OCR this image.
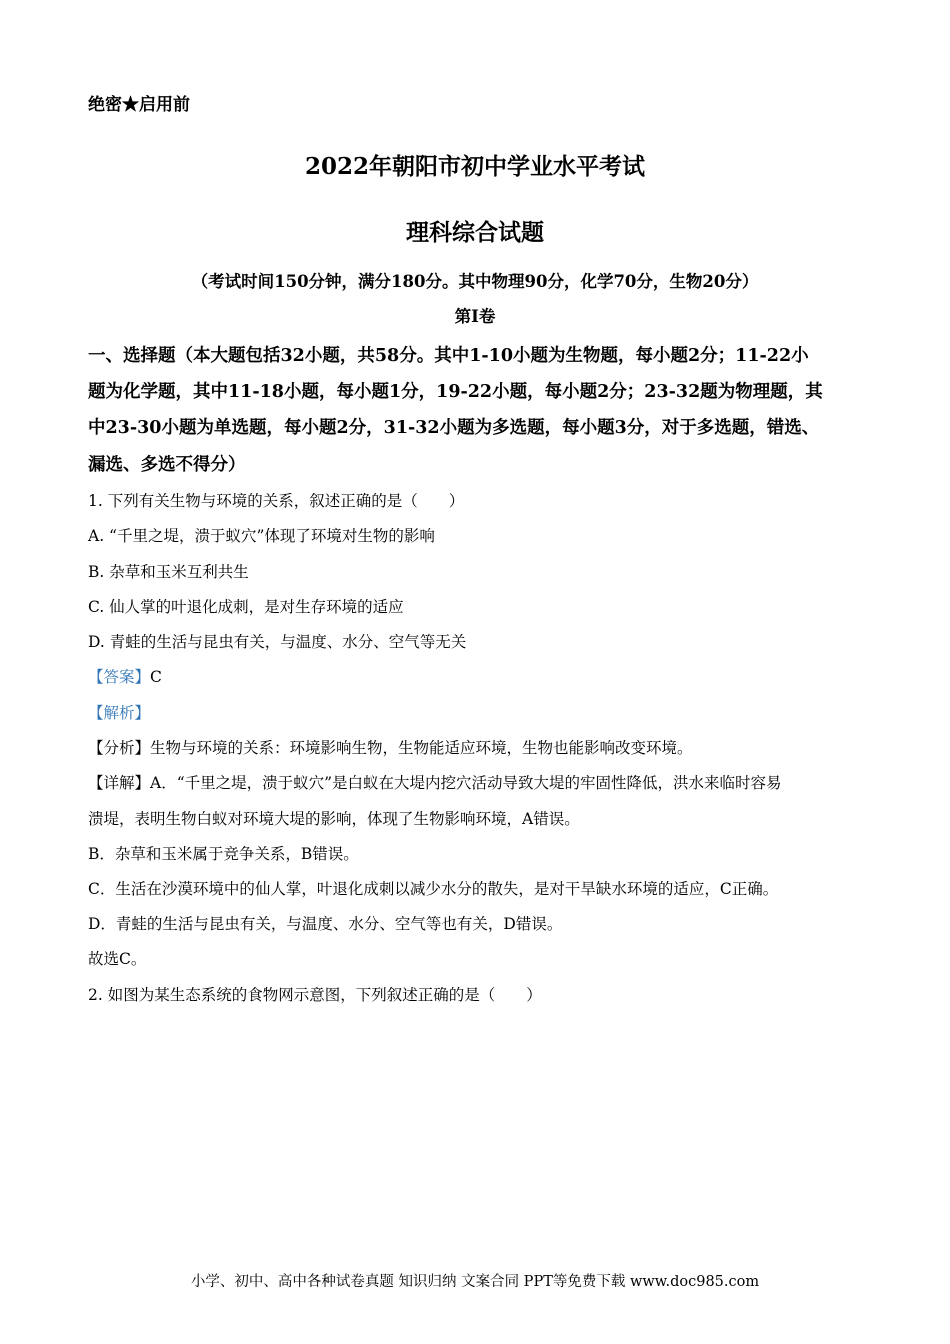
绝密★启用前
2022年朝阳市初中学业水平考试
理科综合试题
（考试时间150分钟，满分180分。其中物理90分，化学70分，生物20分）
第Ⅰ卷
一、选择题（本大题包括32小题，共58分。其中1-10小题为生物题，每小题2分；11-22小
题为化学题，其中11-18小题，每小题1分，19-22小题，每小题2分；23-32题为物理题，其
中23-30小题为单选题，每小题2分，31-32小题为多选题，每小题3分，对于多选题，错选、
漏选、多选不得分）
1. 下列有关生物与环境的关系，叙述正确的是（　　）
A. “千里之堤，溃于蚁穴”体现了环境对生物的影响
B. 杂草和玉米互利共生
C. 仙人掌的叶退化成刺，是对生存环境的适应
D. 青蛙的生活与昆虫有关，与温度、水分、空气等无关
【答案】C
【解析】
【分析】生物与环境的关系：环境影响生物，生物能适应环境，生物也能影响改变环境。
【详解】A．“千里之堤，溃于蚁穴”是白蚁在大堤内挖穴活动导致大堤的牢固性降低，洪水来临时容易
溃堤，表明生物白蚁对环境大堤的影响，体现了生物影响环境，A错误。
B．杂草和玉米属于竞争关系，B错误。
C．生活在沙漠环境中的仙人掌，叶退化成刺以减少水分的散失，是对干旱缺水环境的适应，C正确。
D．青蛙的生活与昆虫有关，与温度、水分、空气等也有关，D错误。
故选C。
2. 如图为某生态系统的食物网示意图，下列叙述正确的是（　　）
小学、初中、高中各种试卷真题 知识归纳 文案合同 PPT等免费下载 www.doc985.com
